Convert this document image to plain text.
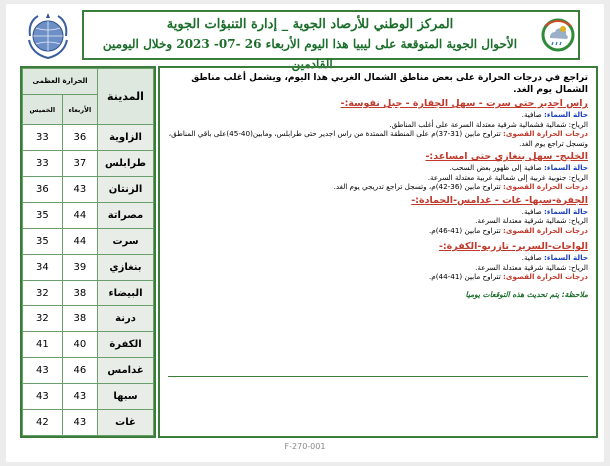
المركز الوطني للأرصاد الجوية _ إدارة التنبؤات الجوية
الأحوال الجوية المتوقعة على ليبيا هذا اليوم الأربعاء 26 -07- 2023 وخلال اليومين القادمين.
تراجع في درجات الحرارة على بعض مناطق الشمال الغربي هذا اليوم، ويشمل أغلب مناطق الشمال يوم الغد.
راس اجدير حتى سرت - سهل الجفارة - جبل نفوسة:-
حالة السماء: صافية.
الرياح: شمالية فشمالية شرقية معتدلة السرعة على أغلب المناطق.
درجات الحرارة القصوى: تتراوح مابين (31-37)م على المنطقة الممتدة من راس اجدير حتى طرابلس، ومابين(40-45)على باقي المناطق، وتسجل تراجع يوم الغد.
الخليج- سهل بنغازي حتى امساعد:-
حالة السماء: صافية إلى ظهور بعض السحب.
الرياح: جنوبية غربية إلى شمالية غربية معتدلة السرعة.
درجات الحرارة القصوى: تتراوح مابين (36-42)م، وتسجل تراجع تدريجي يوم الغد.
الجفرة-سبها- غات - غدامس-الحمادة:-
حالة السماء: صافية.
الرياح: شمالية شرقية معتدلة السرعة.
درجات الحرارة القصوى: تتراوح مابين (41-46)م.
الواحات-السرير- تازربو-الكفرة:-
حالة السماء: صافية.
الرياح: شمالية شرقية معتدلة السرعة.
درجات الحرارة القصوى: تتراوح مابين (41-44)م.
ملاحظة: يتم تحديث هذه التوقعات يوميا
_
المدينة	الحرارة العظمى	
	الأربعاء	الخميس
الزاوية	36	33
طرابلس	37	33
الزنتان	43	36
مصراتة	44	35
سرت	44	35
بنغازي	39	34
البيضاء	38	32
درنة	38	32
الكفرة	40	41
غدامس	46	43
سبها	43	43
غات	43	42
F-270-001
